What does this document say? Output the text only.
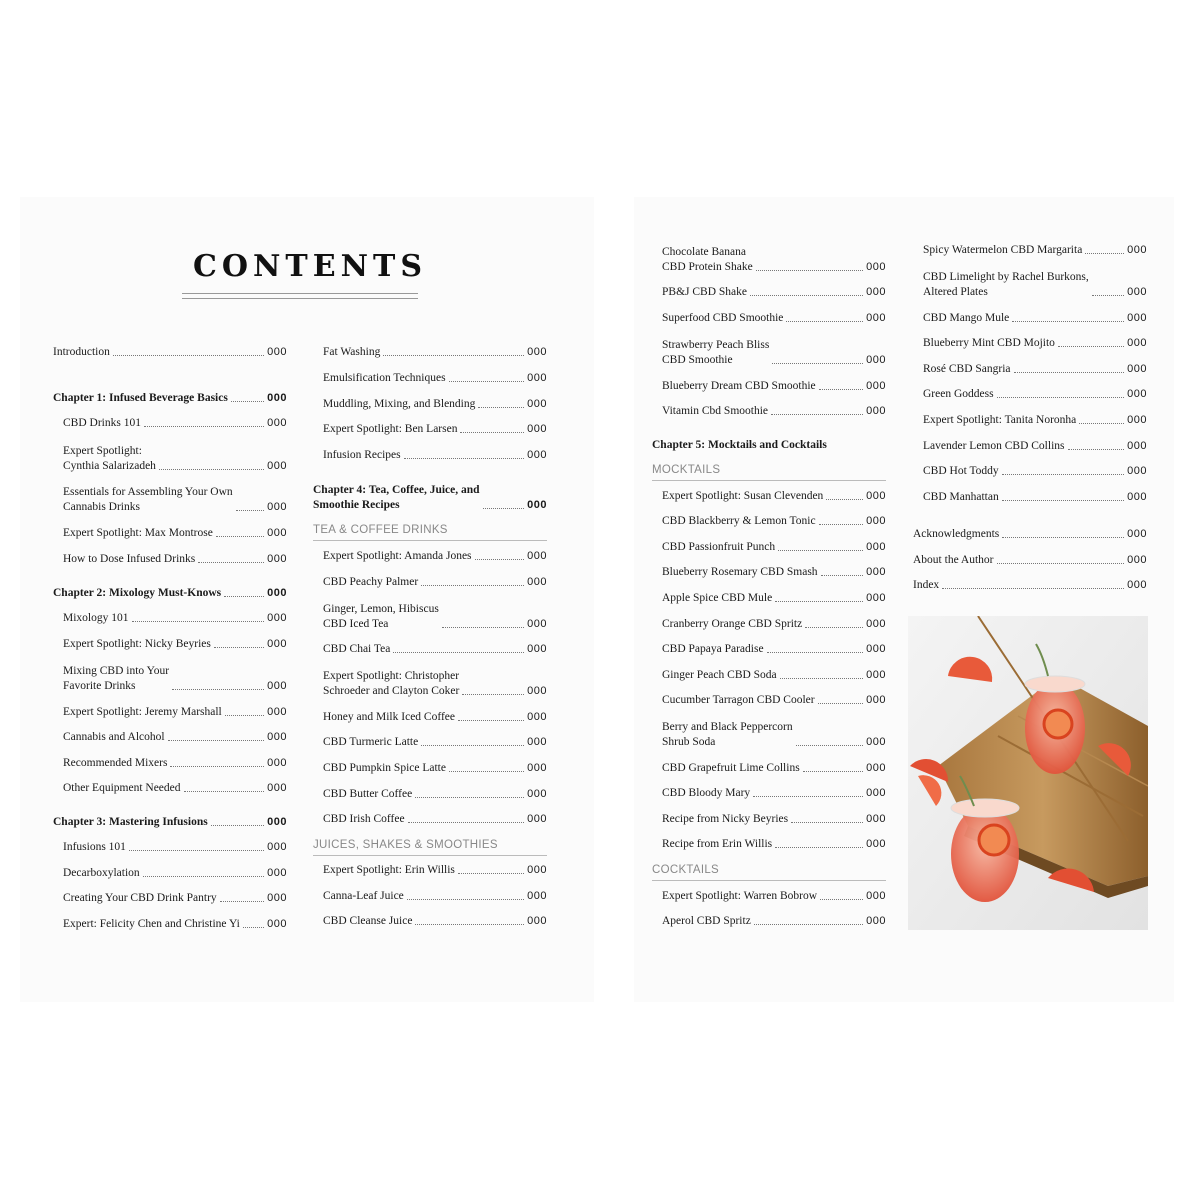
CONTENTS
Introduction	000
Chapter 1: Infused Beverage Basics	000
CBD Drinks 101	000
Expert Spotlight:
Cynthia Salarizadeh	000
Essentials for Assembling Your Own
Cannabis Drinks	000
Expert Spotlight: Max Montrose	000
How to Dose Infused Drinks	000
Chapter 2: Mixology Must-Knows	000
Mixology 101	000
Expert Spotlight: Nicky Beyries	000
Mixing CBD into Your
Favorite Drinks	000
Expert Spotlight: Jeremy Marshall	000
Cannabis and Alcohol	000
Recommended Mixers	000
Other Equipment Needed	000
Chapter 3: Mastering Infusions	000
Infusions 101	000
Decarboxylation	000
Creating Your CBD Drink Pantry	000
Expert: Felicity Chen and Christine Yi 000
Fat Washing	000
Emulsification Techniques	000
Muddling, Mixing, and Blending	000
Expert Spotlight: Ben Larsen	000
Infusion Recipes	000
Chapter 4: Tea, Coffee, Juice, and
Smoothie Recipes	000
TEA & COFFEE DRINKS
Expert Spotlight: Amanda Jones	000
CBD Peachy Palmer	000
Ginger, Lemon, Hibiscus
CBD Iced Tea	000
CBD Chai Tea	000
Expert Spotlight: Christopher
Schroeder and Clayton Coker	000
Honey and Milk Iced Coffee	000
CBD Turmeric Latte	000
CBD Pumpkin Spice Latte	000
CBD Butter Coffee	000
CBD Irish Coffee	000
JUICES, SHAKES & SMOOTHIES
Expert Spotlight: Erin Willis	000
Canna-Leaf Juice	000
CBD Cleanse Juice	000
Chocolate Banana
CBD Protein Shake	000
PB&J CBD Shake	000
Superfood CBD Smoothie	000
Strawberry Peach Bliss
CBD Smoothie	000
Blueberry Dream CBD Smoothie	000
Vitamin Cbd Smoothie	000
Chapter 5: Mocktails and Cocktails
MOCKTAILS
Expert Spotlight: Susan Clevenden	000
CBD Blackberry & Lemon Tonic	000
CBD Passionfruit Punch	000
Blueberry Rosemary CBD Smash	000
Apple Spice CBD Mule	000
Cranberry Orange CBD Spritz	000
CBD Papaya Paradise	000
Ginger Peach CBD Soda	000
Cucumber Tarragon CBD Cooler	000
Berry and Black Peppercorn
Shrub Soda	000
CBD Grapefruit Lime Collins	000
CBD Bloody Mary	000
Recipe from Nicky Beyries	000
Recipe from Erin Willis	000
COCKTAILS
Expert Spotlight: Warren Bobrow	000
Aperol CBD Spritz	000
Spicy Watermelon CBD Margarita	000
CBD Limelight by Rachel Burkons,
Altered Plates	000
CBD Mango Mule	000
Blueberry Mint CBD Mojito	000
Rosé CBD Sangria	000
Green Goddess	000
Expert Spotlight: Tanita Noronha	000
Lavender Lemon CBD Collins	000
CBD Hot Toddy	000
CBD Manhattan	000
Acknowledgments	000
About the Author	000
Index	000
